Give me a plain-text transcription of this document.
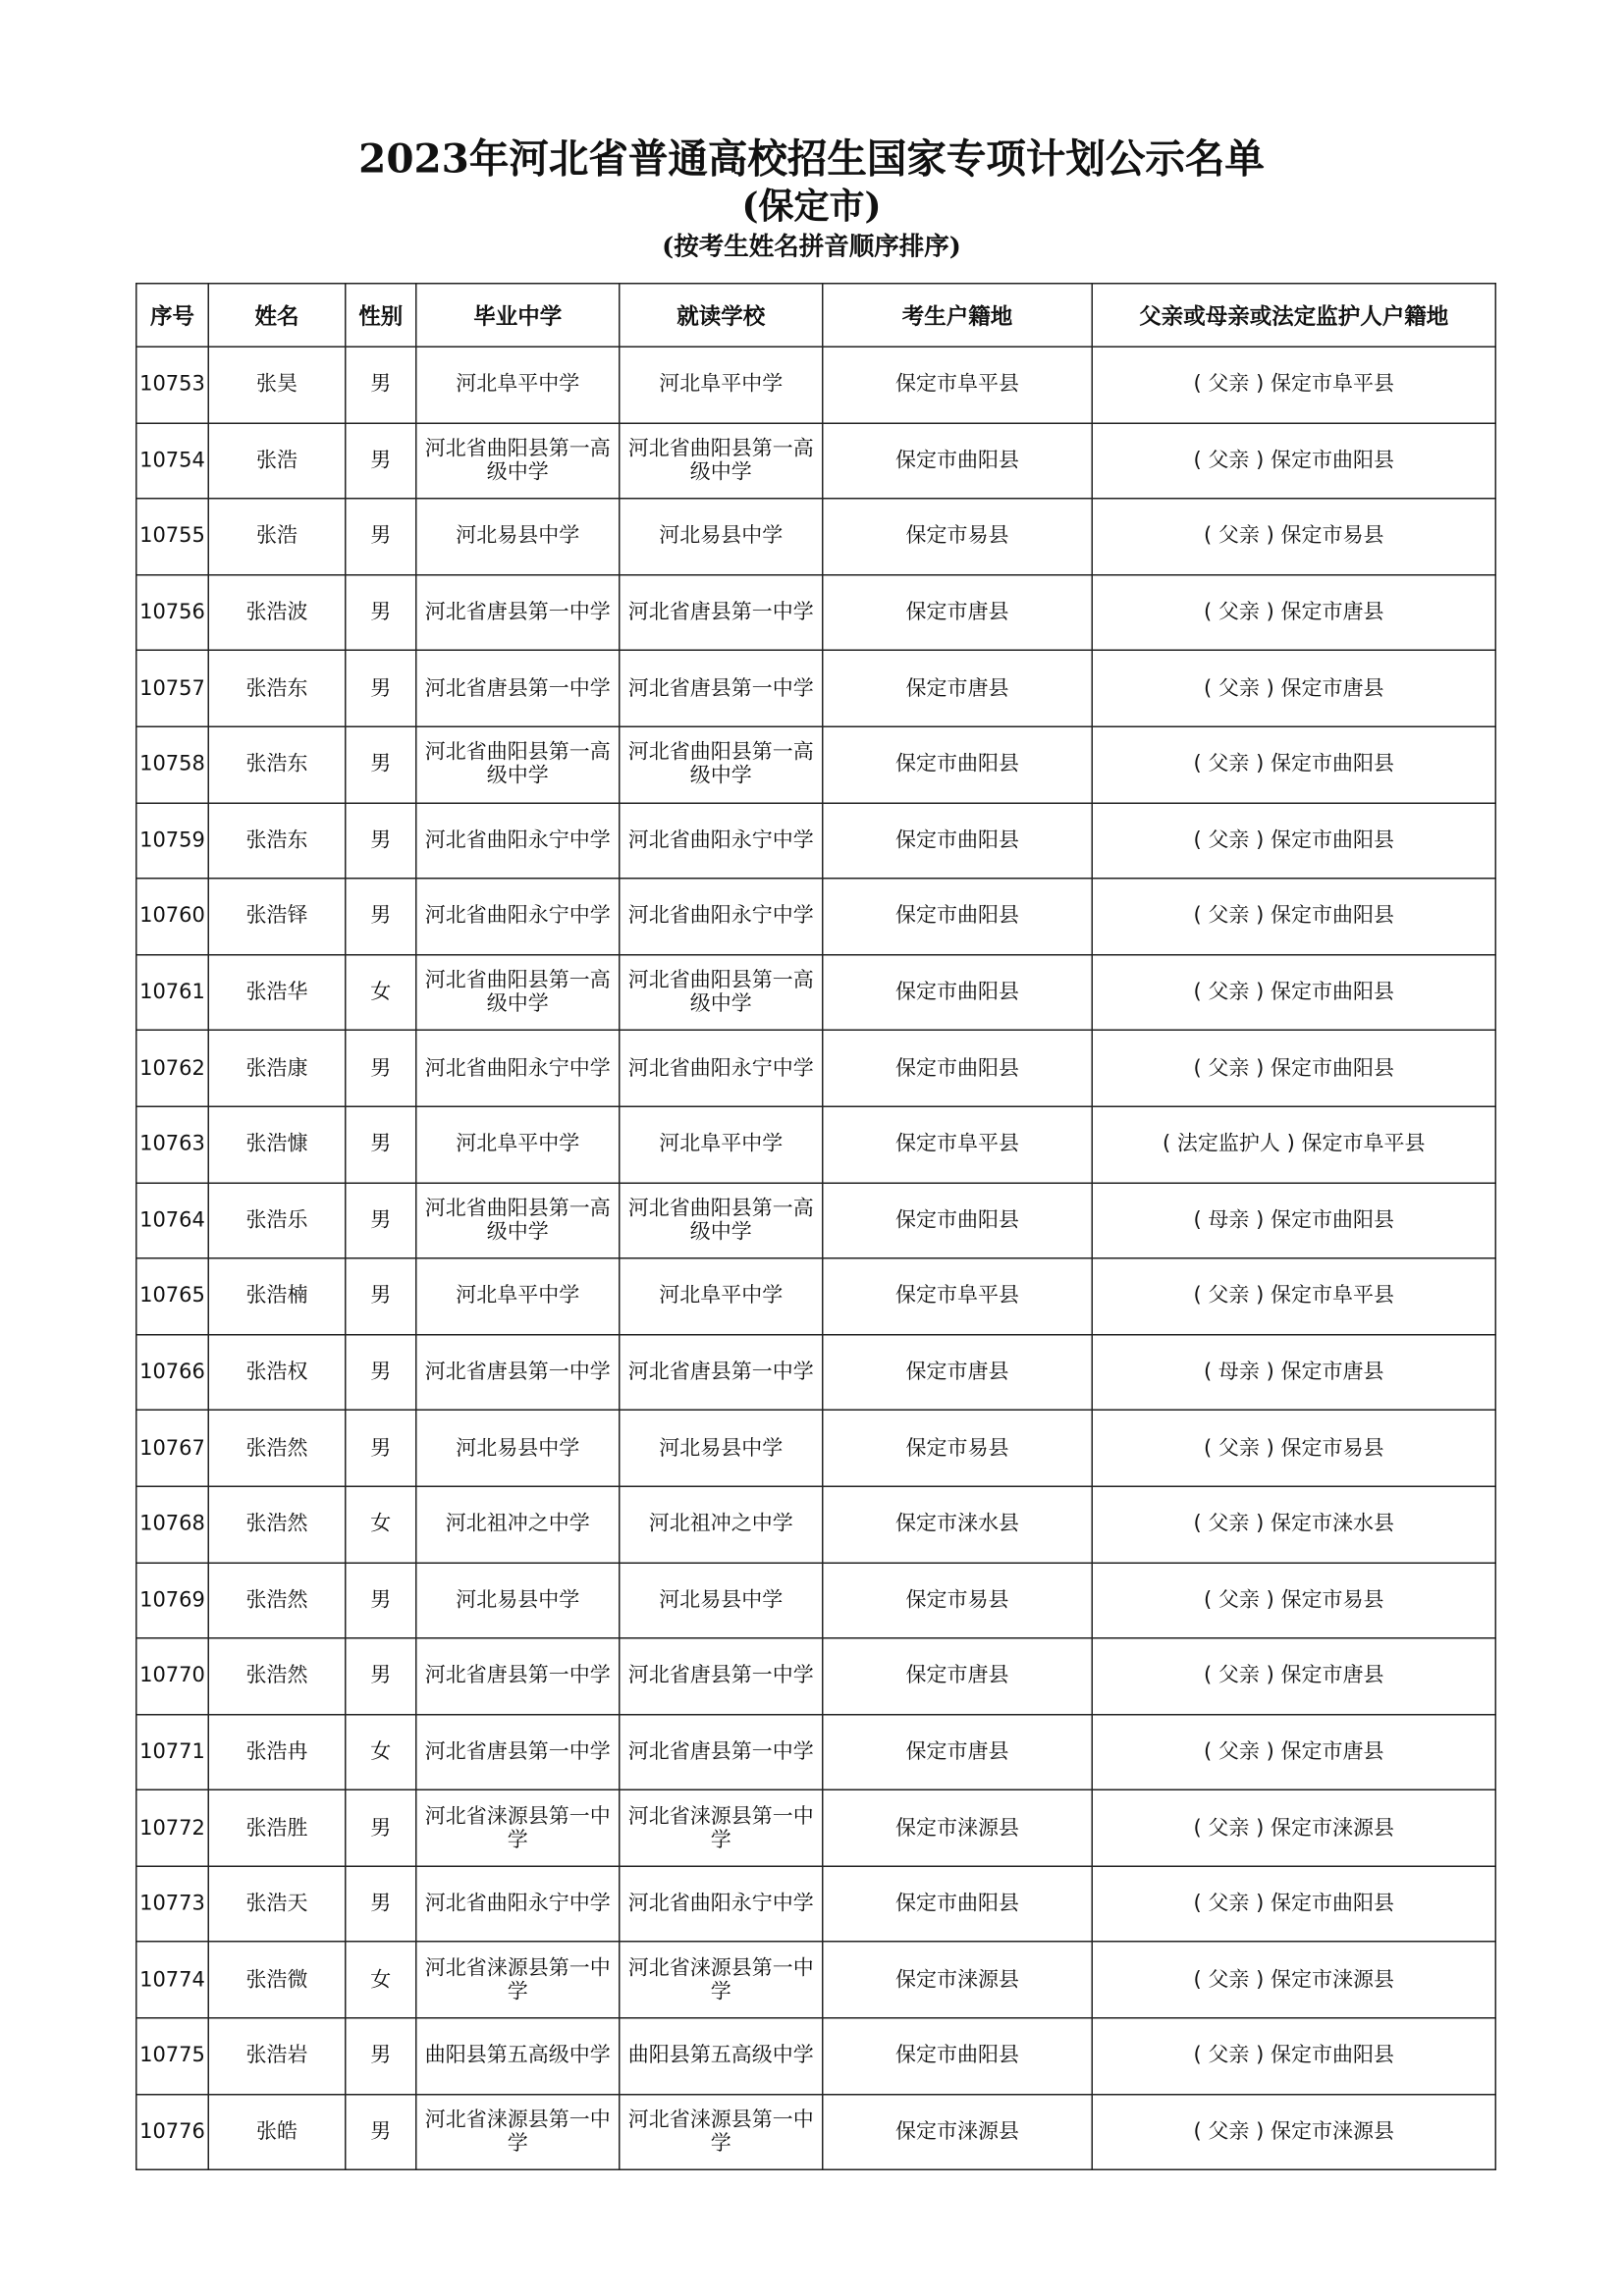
2023年河北省普通高校招生国家专项计划公示名单
(保定市)
(按考生姓名拼音顺序排序)
序号	姓名	性别	毕业中学	就读学校	考生户籍地	父亲或母亲或法定监护人户籍地
10753	张昊	男	河北阜平中学	河北阜平中学	保定市阜平县	( 父亲 ) 保定市阜平县
10754	张浩	男	河北省曲阳县第一高级中学	河北省曲阳县第一高级中学	保定市曲阳县	( 父亲 ) 保定市曲阳县
10755	张浩	男	河北易县中学	河北易县中学	保定市易县	( 父亲 ) 保定市易县
10756	张浩波	男	河北省唐县第一中学	河北省唐县第一中学	保定市唐县	( 父亲 ) 保定市唐县
10757	张浩东	男	河北省唐县第一中学	河北省唐县第一中学	保定市唐县	( 父亲 ) 保定市唐县
10758	张浩东	男	河北省曲阳县第一高级中学	河北省曲阳县第一高级中学	保定市曲阳县	( 父亲 ) 保定市曲阳县
10759	张浩东	男	河北省曲阳永宁中学	河北省曲阳永宁中学	保定市曲阳县	( 父亲 ) 保定市曲阳县
10760	张浩铎	男	河北省曲阳永宁中学	河北省曲阳永宁中学	保定市曲阳县	( 父亲 ) 保定市曲阳县
10761	张浩华	女	河北省曲阳县第一高级中学	河北省曲阳县第一高级中学	保定市曲阳县	( 父亲 ) 保定市曲阳县
10762	张浩康	男	河北省曲阳永宁中学	河北省曲阳永宁中学	保定市曲阳县	( 父亲 ) 保定市曲阳县
10763	张浩慷	男	河北阜平中学	河北阜平中学	保定市阜平县	( 法定监护人 ) 保定市阜平县
10764	张浩乐	男	河北省曲阳县第一高级中学	河北省曲阳县第一高级中学	保定市曲阳县	( 母亲 ) 保定市曲阳县
10765	张浩楠	男	河北阜平中学	河北阜平中学	保定市阜平县	( 父亲 ) 保定市阜平县
10766	张浩权	男	河北省唐县第一中学	河北省唐县第一中学	保定市唐县	( 母亲 ) 保定市唐县
10767	张浩然	男	河北易县中学	河北易县中学	保定市易县	( 父亲 ) 保定市易县
10768	张浩然	女	河北祖冲之中学	河北祖冲之中学	保定市涞水县	( 父亲 ) 保定市涞水县
10769	张浩然	男	河北易县中学	河北易县中学	保定市易县	( 父亲 ) 保定市易县
10770	张浩然	男	河北省唐县第一中学	河北省唐县第一中学	保定市唐县	( 父亲 ) 保定市唐县
10771	张浩冉	女	河北省唐县第一中学	河北省唐县第一中学	保定市唐县	( 父亲 ) 保定市唐县
10772	张浩胜	男	河北省涞源县第一中学	河北省涞源县第一中学	保定市涞源县	( 父亲 ) 保定市涞源县
10773	张浩天	男	河北省曲阳永宁中学	河北省曲阳永宁中学	保定市曲阳县	( 父亲 ) 保定市曲阳县
10774	张浩微	女	河北省涞源县第一中学	河北省涞源县第一中学	保定市涞源县	( 父亲 ) 保定市涞源县
10775	张浩岩	男	曲阳县第五高级中学	曲阳县第五高级中学	保定市曲阳县	( 父亲 ) 保定市曲阳县
10776	张皓	男	河北省涞源县第一中学	河北省涞源县第一中学	保定市涞源县	( 父亲 ) 保定市涞源县
